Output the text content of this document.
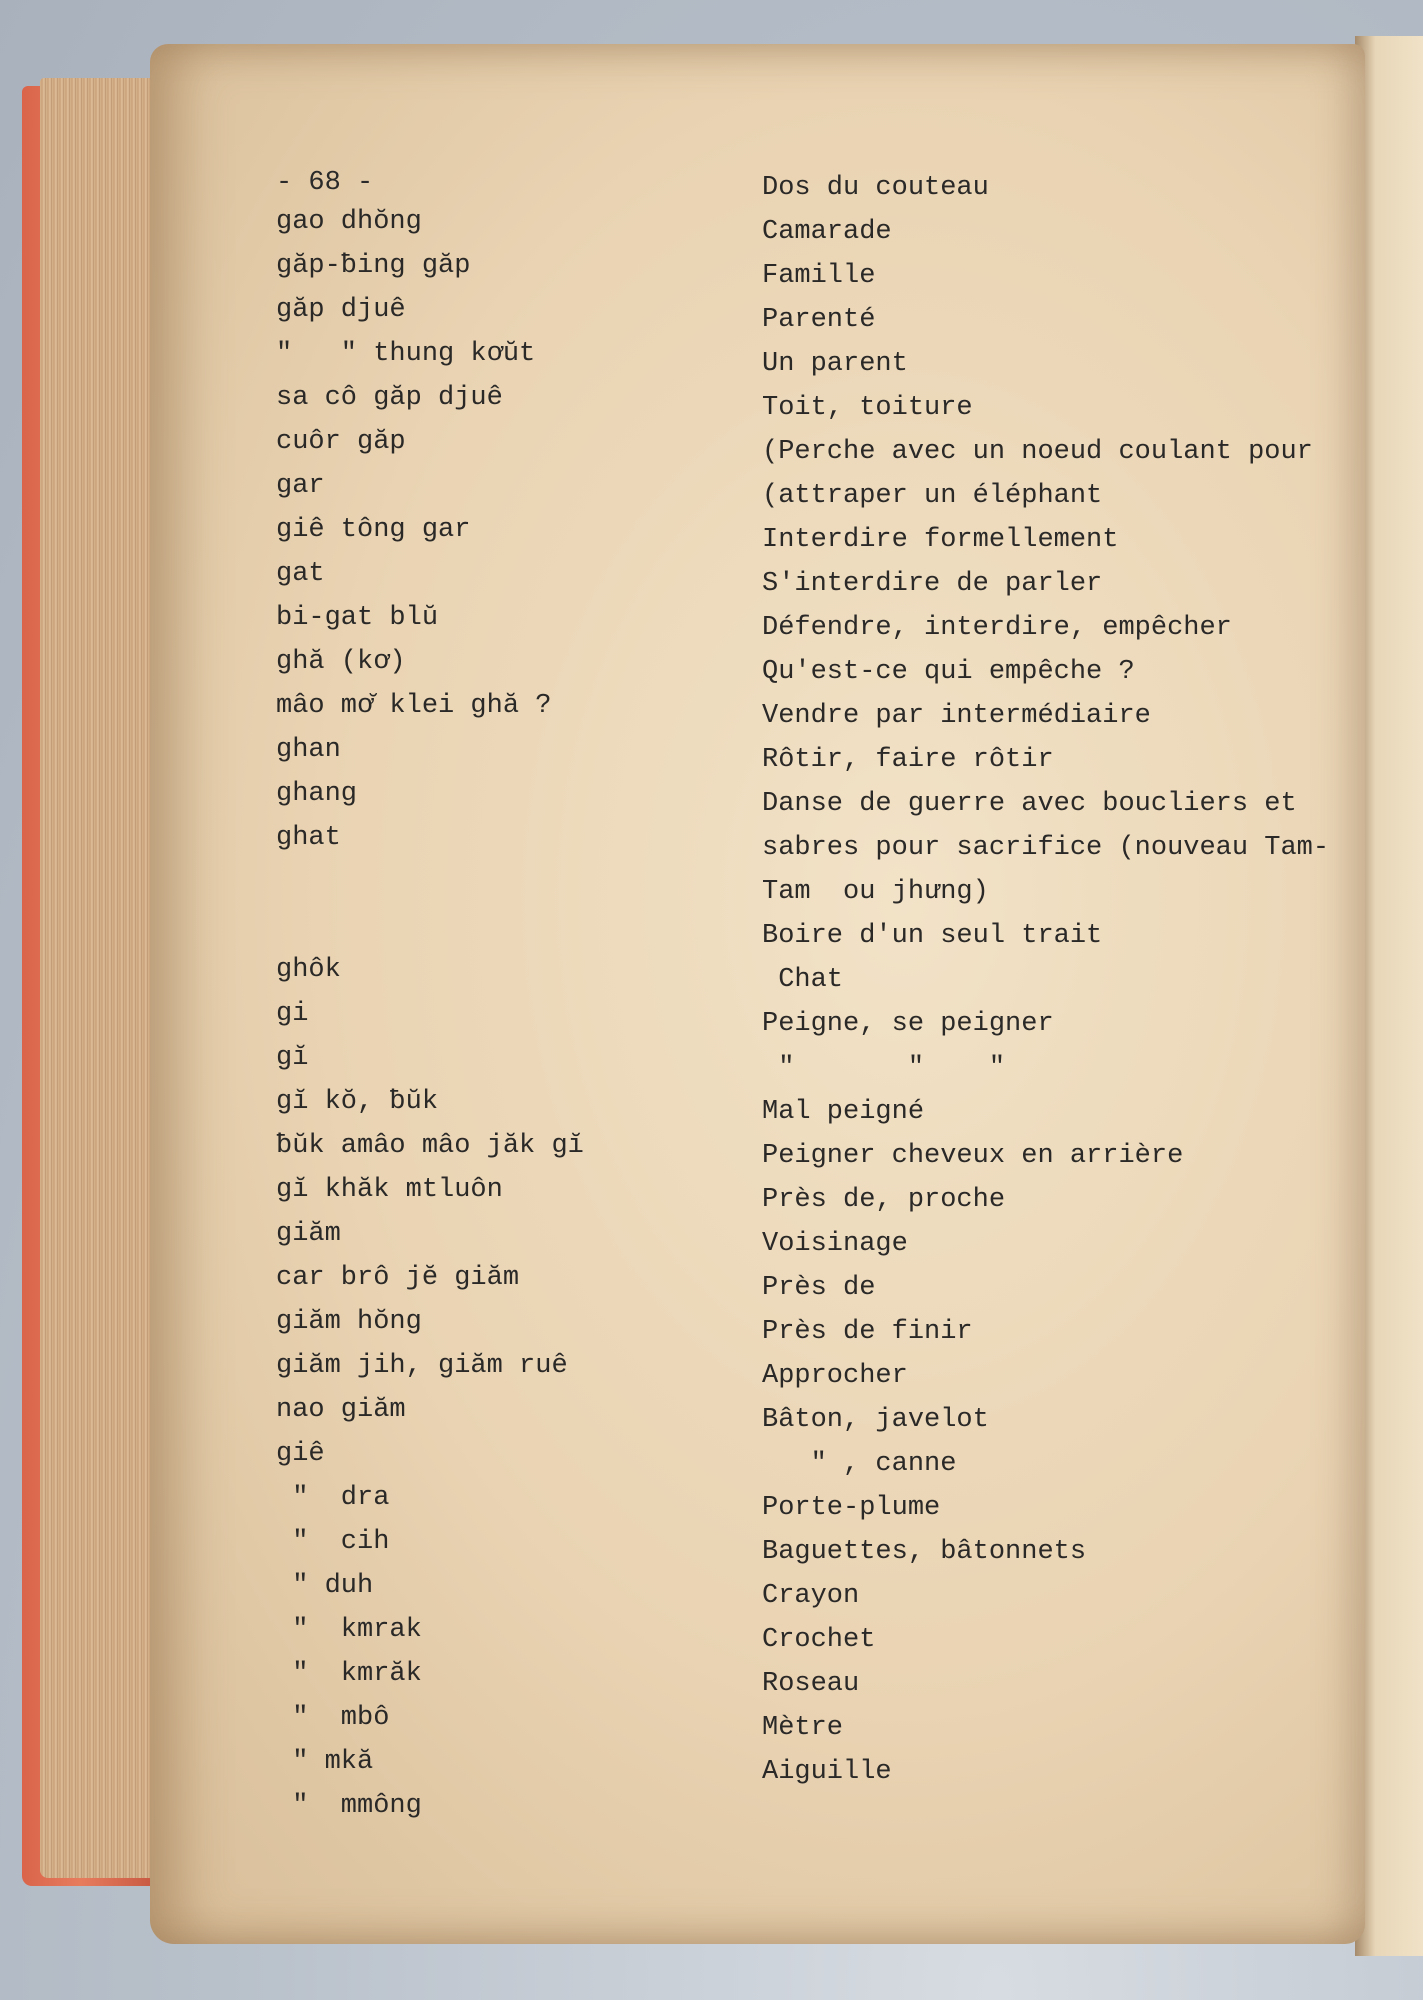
- 68 -
gao dhŏng
găp-ƀing găp
găp djuê
"   " thung kơŭt
sa cô găp djuê
cuôr găp
gar
giê tông gar
gat
bi-gat blŭ
ghă (kơ)
mâo mơ̆ klei ghă ?
ghan
ghang
ghat
ghôk
gi
gĭ
gĭ kŏ, ƀŭk
ƀŭk amâo mâo jăk gĭ
gĭ khăk mtluôn
giăm
car brô jĕ giăm
giăm hŏng
giăm jih, giăm ruê
nao giăm
giê
"  dra
"  cih
" duh
"  kmrak
"  kmrăk
"  mbô
" mkă
"  mmông
Dos du couteau
Camarade
Famille
Parenté
Un parent
Toit, toiture
(Perche avec un noeud coulant pour
(attraper un éléphant
Interdire formellement
S'interdire de parler
Défendre, interdire, empêcher
Qu'est-ce qui empêche ?
Vendre par intermédiaire
Rôtir, faire rôtir
Danse de guerre avec boucliers et
sabres pour sacrifice (nouveau Tam-
Tam  ou jhưng)
Boire d'un seul trait
Chat
Peigne, se peigner
"       "    "
Mal peigné
Peigner cheveux en arrière
Près de, proche
Voisinage
Près de
Près de finir
Approcher
Bâton, javelot
" , canne
Porte-plume
Baguettes, bâtonnets
Crayon
Crochet
Roseau
Mètre
Aiguille
